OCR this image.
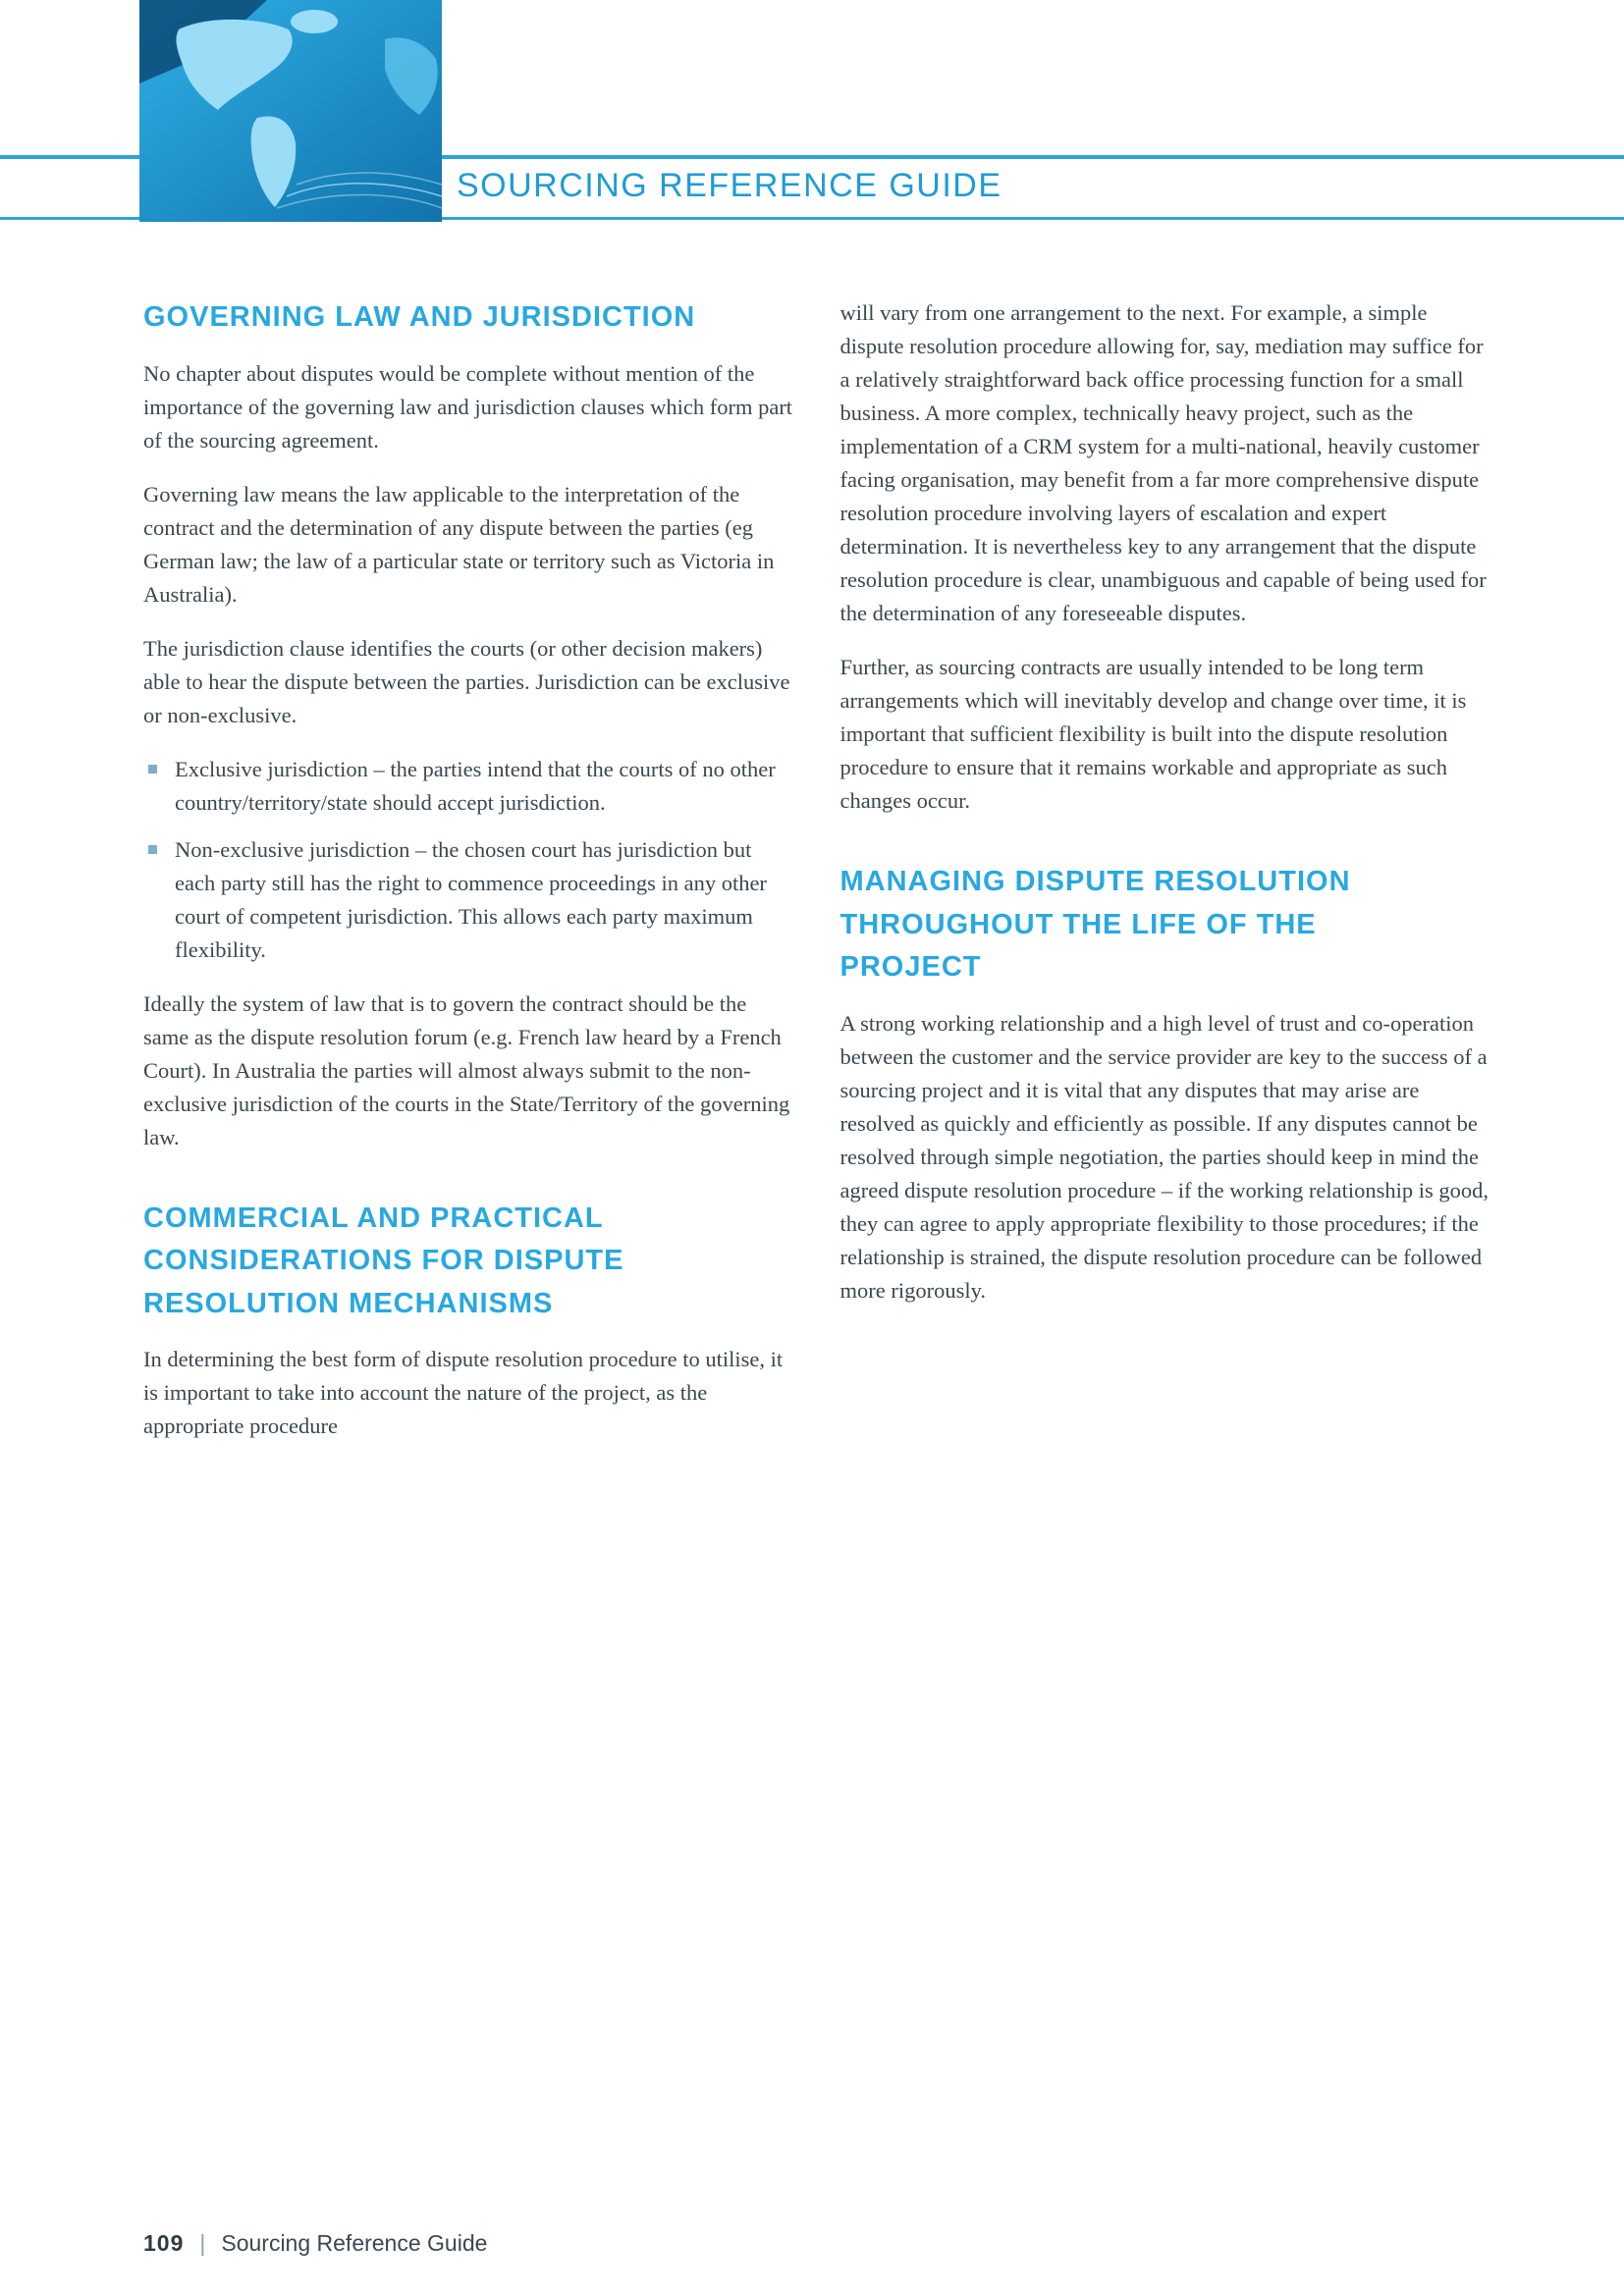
SOURCING REFERENCE GUIDE
GOVERNING LAW AND JURISDICTION

No chapter about disputes would be complete without mention of the importance of the governing law and jurisdiction clauses which form part of the sourcing agreement.

Governing law means the law applicable to the interpretation of the contract and the determination of any dispute between the parties (eg German law; the law of a particular state or territory such as Victoria in Australia).

The jurisdiction clause identifies the courts (or other decision makers) able to hear the dispute between the parties. Jurisdiction can be exclusive or non-exclusive.

Exclusive jurisdiction – the parties intend that the courts of no other country/territory/state should accept jurisdiction.
Non-exclusive jurisdiction – the chosen court has jurisdiction but each party still has the right to commence proceedings in any other court of competent jurisdiction. This allows each party maximum flexibility.

Ideally the system of law that is to govern the contract should be the same as the dispute resolution forum (e.g. French law heard by a French Court). In Australia the parties will almost always submit to the non-exclusive jurisdiction of the courts in the State/Territory of the governing law.

COMMERCIAL AND PRACTICAL CONSIDERATIONS FOR DISPUTE RESOLUTION MECHANISMS

In determining the best form of dispute resolution procedure to utilise, it is important to take into account the nature of the project, as the appropriate procedure

will vary from one arrangement to the next. For example, a simple dispute resolution procedure allowing for, say, mediation may suffice for a relatively straightforward back office processing function for a small business. A more complex, technically heavy project, such as the implementation of a CRM system for a multi-national, heavily customer facing organisation, may benefit from a far more comprehensive dispute resolution procedure involving layers of escalation and expert determination. It is nevertheless key to any arrangement that the dispute resolution procedure is clear, unambiguous and capable of being used for the determination of any foreseeable disputes.

Further, as sourcing contracts are usually intended to be long term arrangements which will inevitably develop and change over time, it is important that sufficient flexibility is built into the dispute resolution procedure to ensure that it remains workable and appropriate as such changes occur.

MANAGING DISPUTE RESOLUTION THROUGHOUT THE LIFE OF THE PROJECT

A strong working relationship and a high level of trust and co-operation between the customer and the service provider are key to the success of a sourcing project and it is vital that any disputes that may arise are resolved as quickly and efficiently as possible. If any disputes cannot be resolved through simple negotiation, the parties should keep in mind the agreed dispute resolution procedure – if the working relationship is good, they can agree to apply appropriate flexibility to those procedures; if the relationship is strained, the dispute resolution procedure can be followed more rigorously.

109 | Sourcing Reference Guide
